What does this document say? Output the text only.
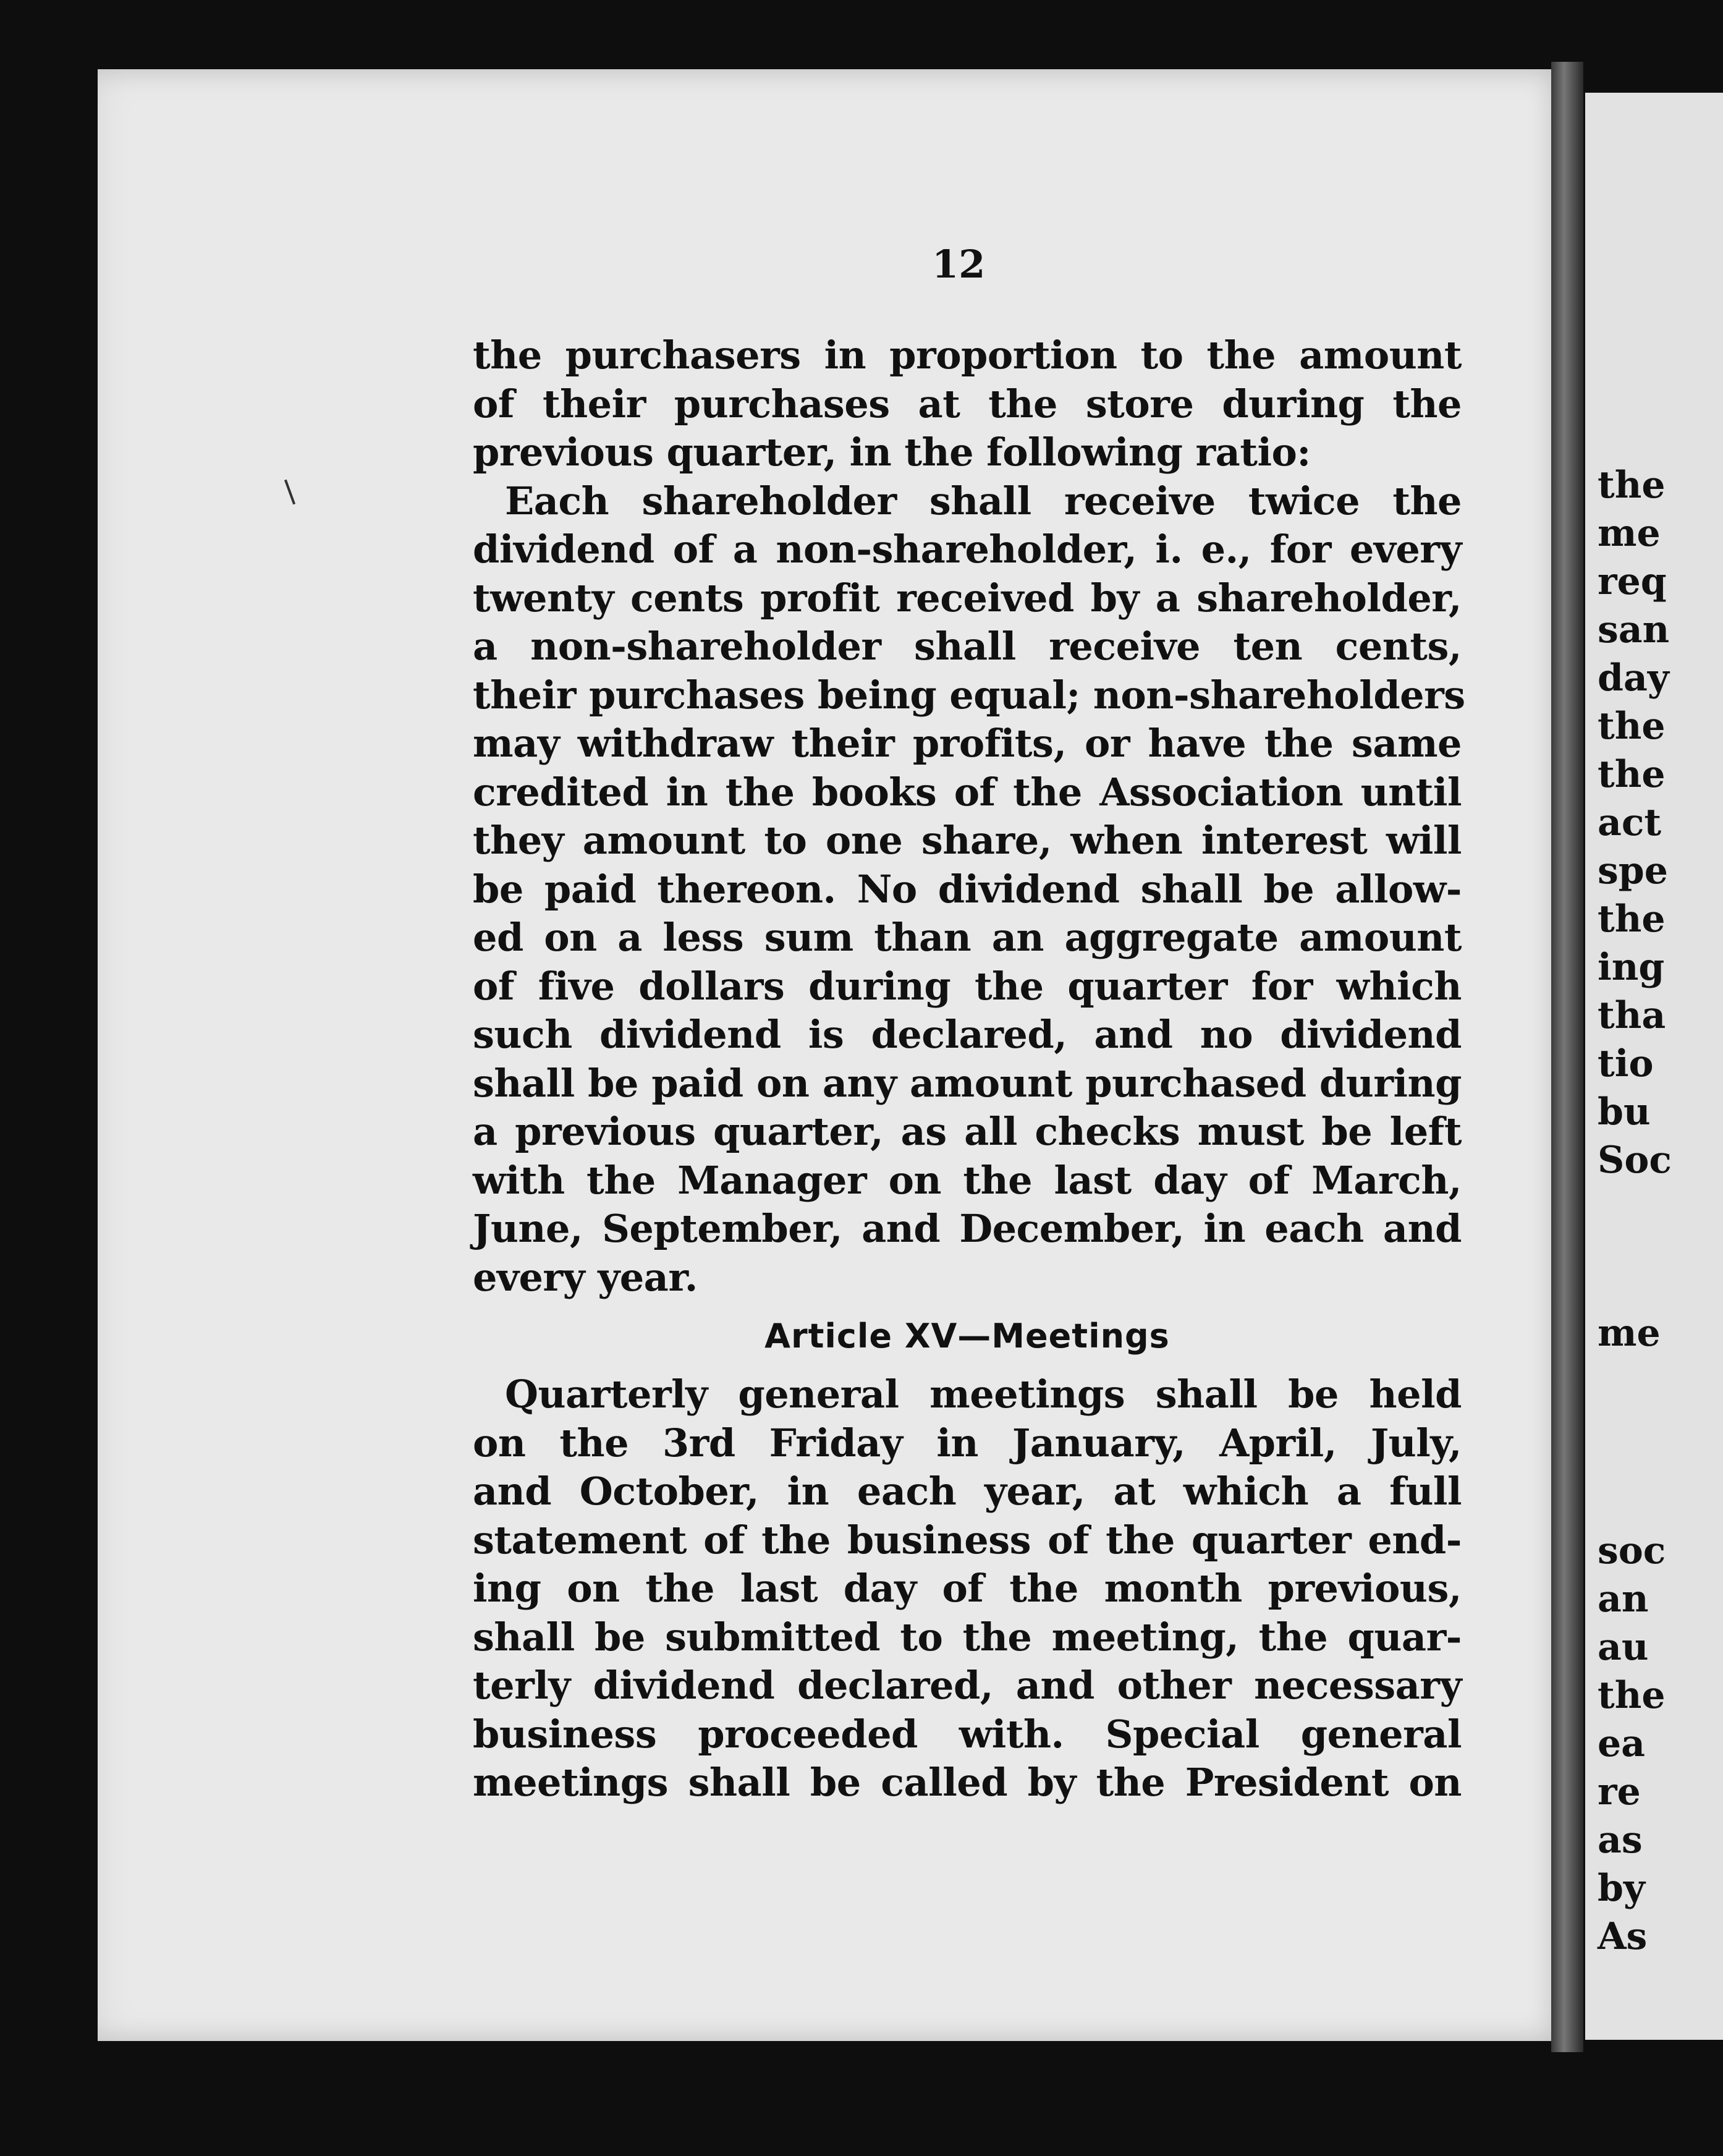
the
me
req
san
day
the
the
act
spe
the
ing
tha
tio
bu
Soc
me
soc
an
au
the
ea
re
as
by
As
12
the purchasers in proportion to the amount
of their purchases at the store during the
previous quarter, in the following ratio:
Each shareholder shall receive twice the
dividend of a non-shareholder, i. e., for every
twenty cents profit received by a shareholder,
a non-shareholder shall receive ten cents,
their purchases being equal; non-shareholders
may withdraw their profits, or have the same
credited in the books of the Association until
they amount to one share, when interest will
be paid thereon. No dividend shall be allow-
ed on a less sum than an aggregate amount
of five dollars during the quarter for which
such dividend is declared, and no dividend
shall be paid on any amount purchased during
a previous quarter, as all checks must be left
with the Manager on the last day of March,
June, September, and December, in each and
every year.
Article XV—Meetings
Quarterly general meetings shall be held
on the 3rd Friday in January, April, July,
and October, in each year, at which a full
statement of the business of the quarter end-
ing on the last day of the month previous,
shall be submitted to the meeting, the quar-
terly dividend declared, and other necessary
business proceeded with. Special general
meetings shall be called by the President on
